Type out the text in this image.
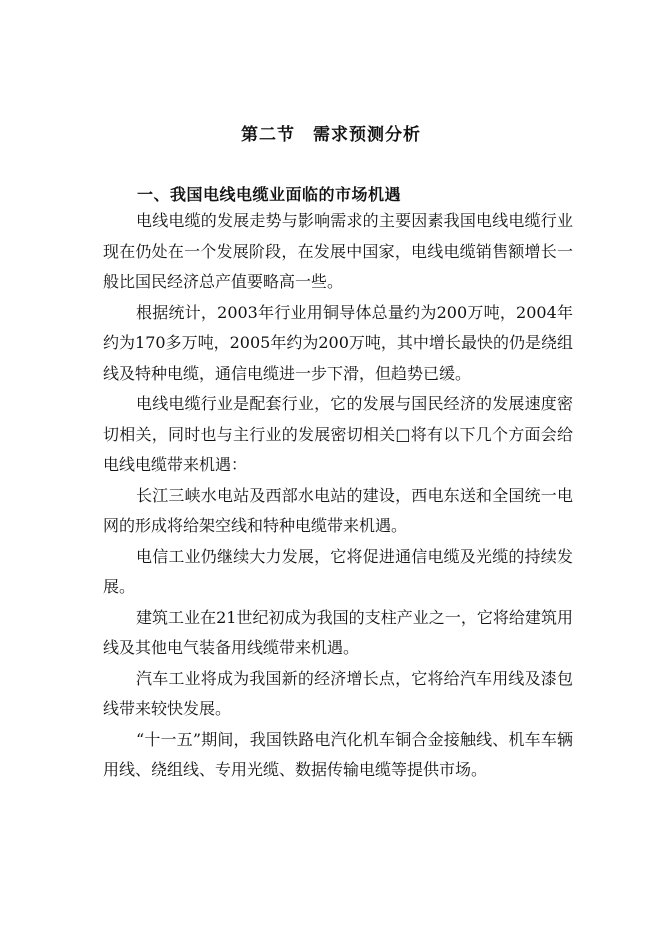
第二节　需求预测分析
一、我国电线电缆业面临的市场机遇

电线电缆的发展走势与影响需求的主要因素我国电线电缆行业现在仍处在一个发展阶段，在发展中国家，电线电缆销售额增长一般比国民经济总产值要略高一些。

根据统计，2003年行业用铜导体总量约为200万吨，2004年约为170多万吨，2005年约为200万吨，其中增长最快的仍是绕组线及特种电缆，通信电缆进一步下滑，但趋势已缓。

电线电缆行业是配套行业，它的发展与国民经济的发展速度密切相关，同时也与主行业的发展密切相关□将有以下几个方面会给电线电缆带来机遇：

长江三峡水电站及西部水电站的建设，西电东送和全国统一电网的形成将给架空线和特种电缆带来机遇。

电信工业仍继续大力发展，它将促进通信电缆及光缆的持续发展。

建筑工业在21世纪初成为我国的支柱产业之一，它将给建筑用线及其他电气装备用线缆带来机遇。

汽车工业将成为我国新的经济增长点，它将给汽车用线及漆包线带来较快发展。

“十一五”期间，我国铁路电汽化机车铜合金接触线、机车车辆用线、绕组线、专用光缆、数据传输电缆等提供市场。
